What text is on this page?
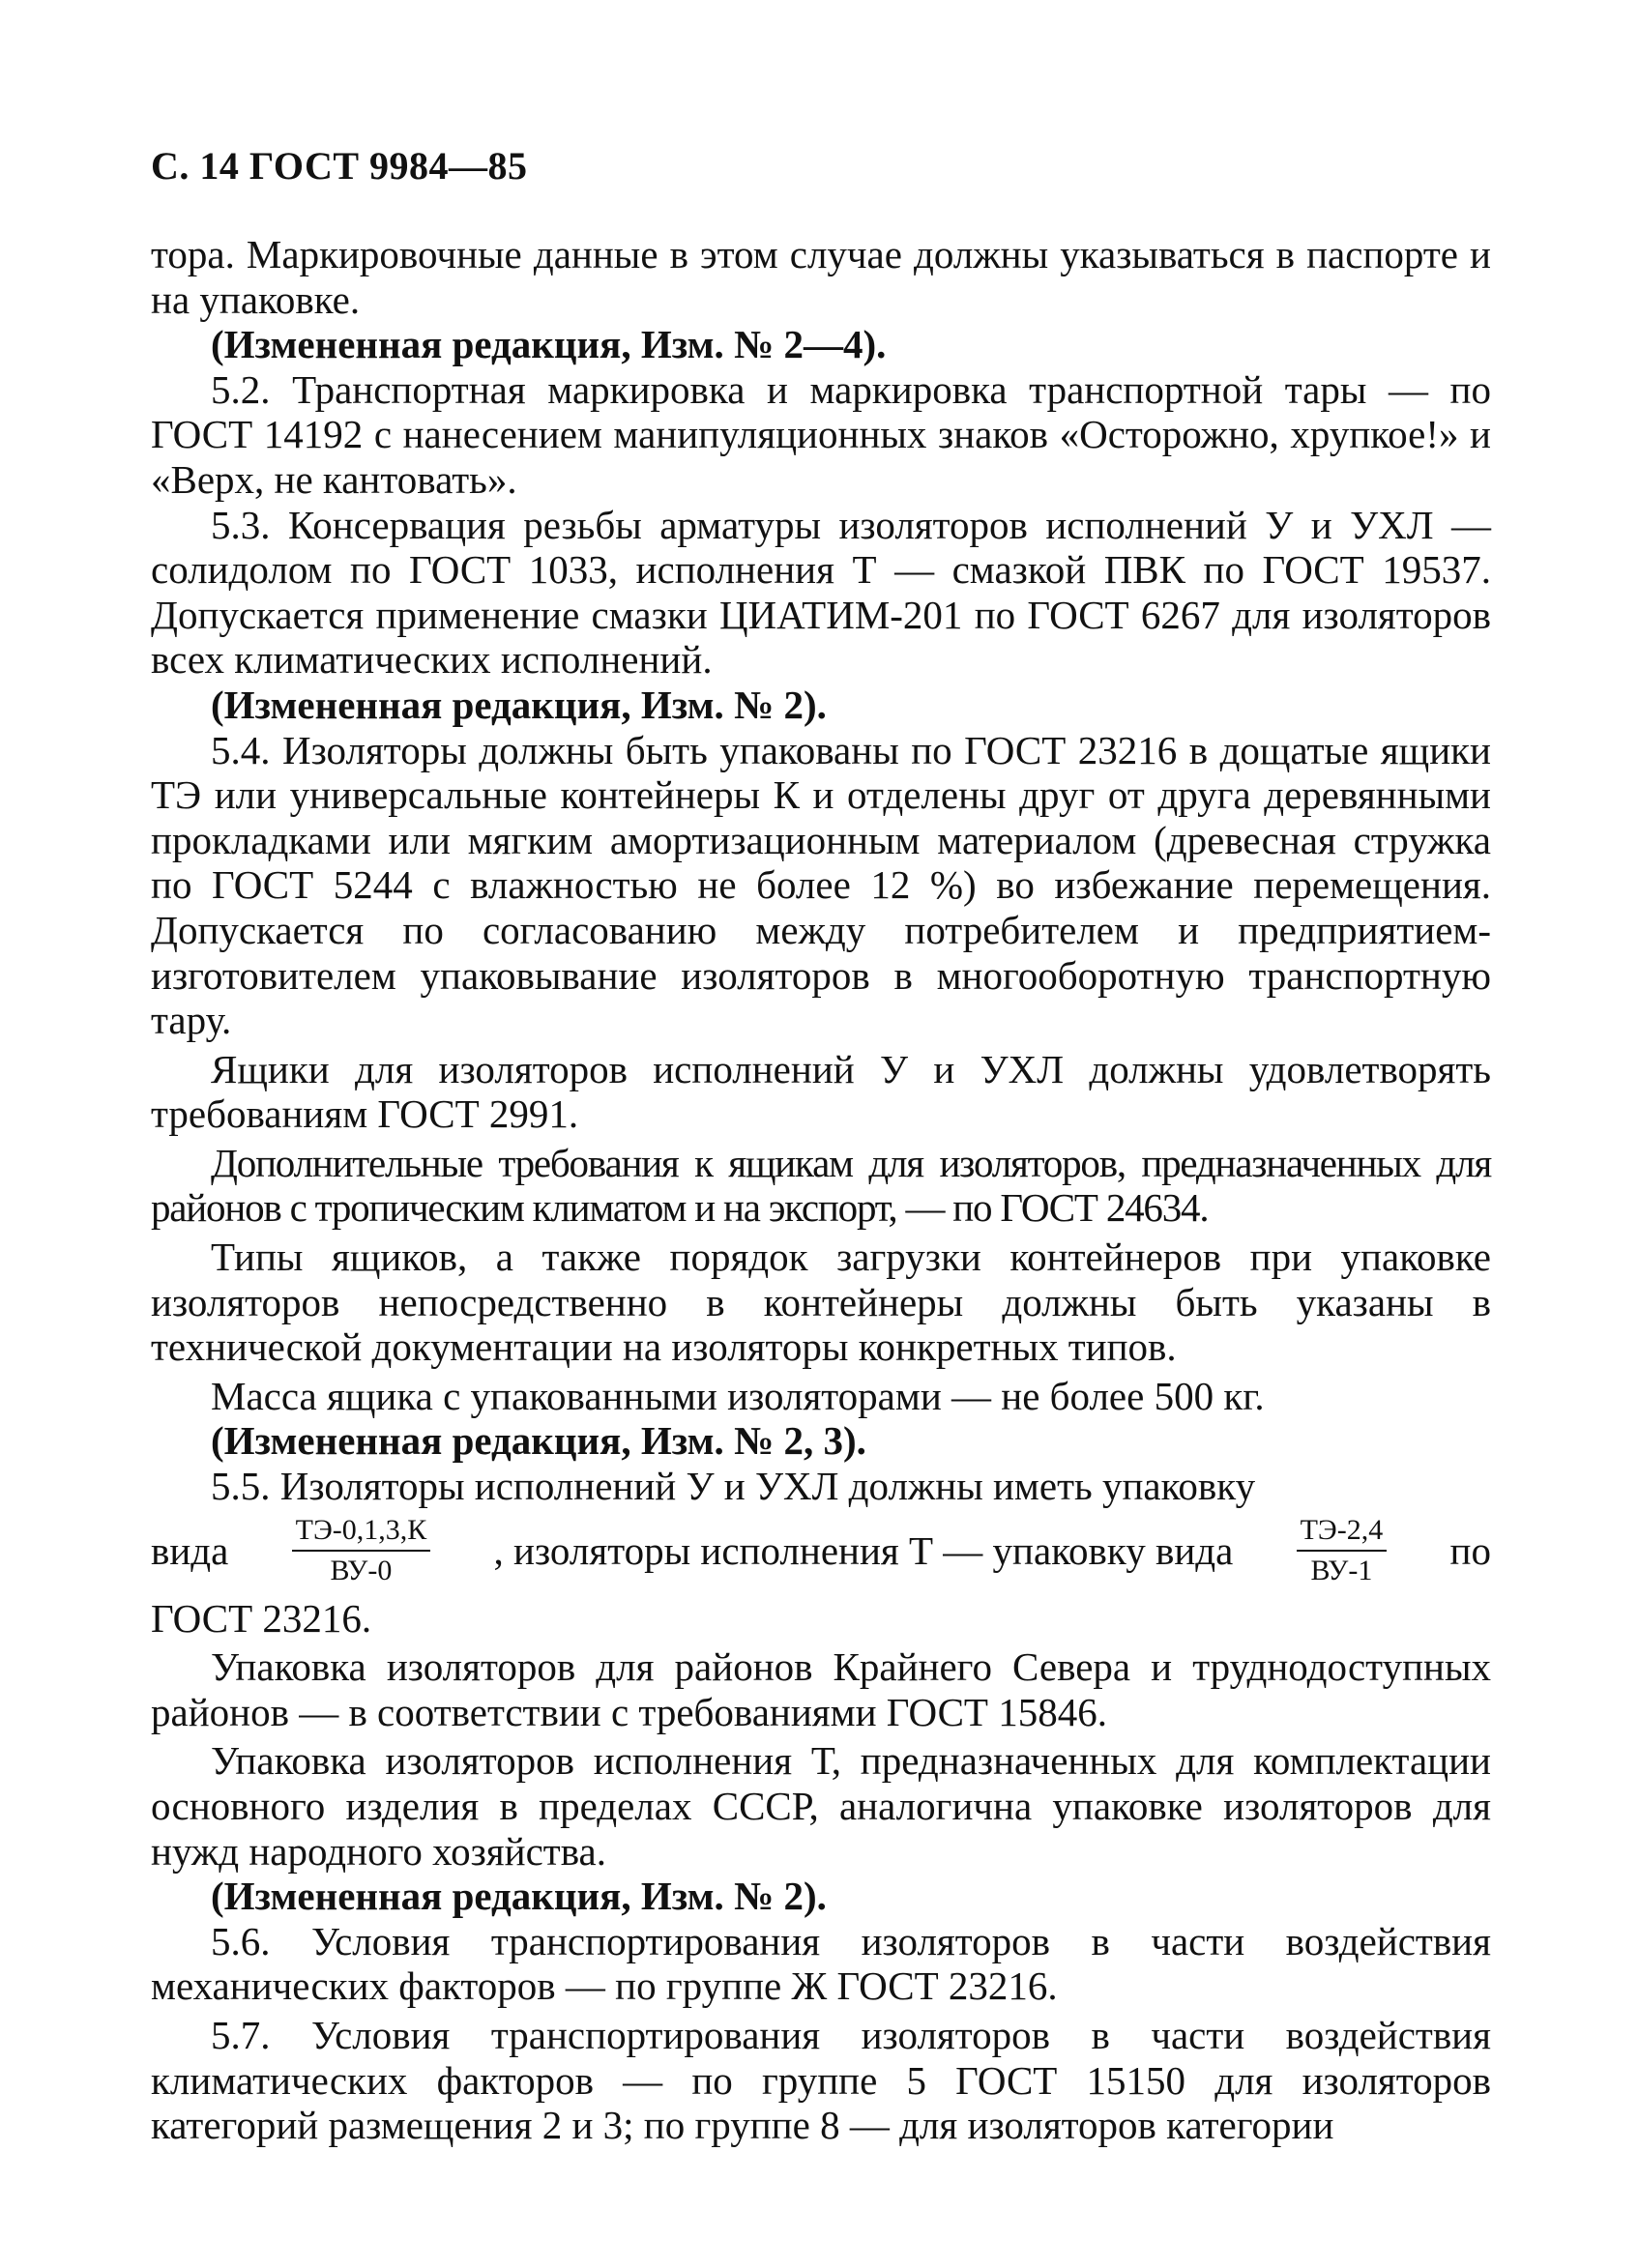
С. 14 ГОСТ 9984—85

тора. Маркировочные данные в этом случае должны указываться в паспорте и на упаковке.

(Измененная редакция, Изм. № 2—4).

5.2. Транспортная маркировка и маркировка транспортной тары — по ГОСТ 14192 с нанесением манипуляционных знаков «Осторожно, хрупкое!» и «Верх, не кантовать».

5.3. Консервация резьбы арматуры изоляторов исполнений У и УХЛ — солидолом по ГОСТ 1033, исполнения Т — смазкой ПВК по ГОСТ 19537. Допускается применение смазки ЦИАТИМ-201 по ГОСТ 6267 для изоляторов всех климатических исполнений.

(Измененная редакция, Изм. № 2).

5.4. Изоляторы должны быть упакованы по ГОСТ 23216 в дощатые ящики ТЭ или универсальные контейнеры К и отделены друг от друга деревянными прокладками или мягким амортизационным материалом (древесная стружка по ГОСТ 5244 с влажностью не более 12 %) во избежание перемещения. Допускается по согласованию между потребителем и предприятием-изготовителем упаковывание изоляторов в многооборотную транспортную тару.

Ящики для изоляторов исполнений У и УХЛ должны удовлетворять требованиям ГОСТ 2991.

Дополнительные требования к ящикам для изоляторов, предназначенных для районов с тропическим климатом и на экспорт, — по ГОСТ 24634.

Типы ящиков, а также порядок загрузки контейнеров при упаковке изоляторов непосредственно в контейнеры должны быть указаны в технической документации на изоляторы конкретных типов.

Масса ящика с упакованными изоляторами — не более 500 кг.

(Измененная редакция, Изм. № 2, 3).

5.5. Изоляторы исполнений У и УХЛ должны иметь упаковку

вида $\frac{ТЭ-0,1,3,К}{ВУ-0}$ , изоляторы исполнения Т — упаковку вида $\frac{ТЭ-2,4}{ВУ-1}$ по

ГОСТ 23216.

Упаковка изоляторов для районов Крайнего Севера и труднодоступных районов — в соответствии с требованиями ГОСТ 15846.

Упаковка изоляторов исполнения Т, предназначенных для комплектации основного изделия в пределах СССР, аналогична упаковке изоляторов для нужд народного хозяйства.

(Измененная редакция, Изм. № 2).

5.6. Условия транспортирования изоляторов в части воздействия механических факторов — по группе Ж ГОСТ 23216.

5.7. Условия транспортирования изоляторов в части воздействия климатических факторов — по группе 5 ГОСТ 15150 для изоляторов категорий размещения 2 и 3; по группе 8 — для изоляторов категории
